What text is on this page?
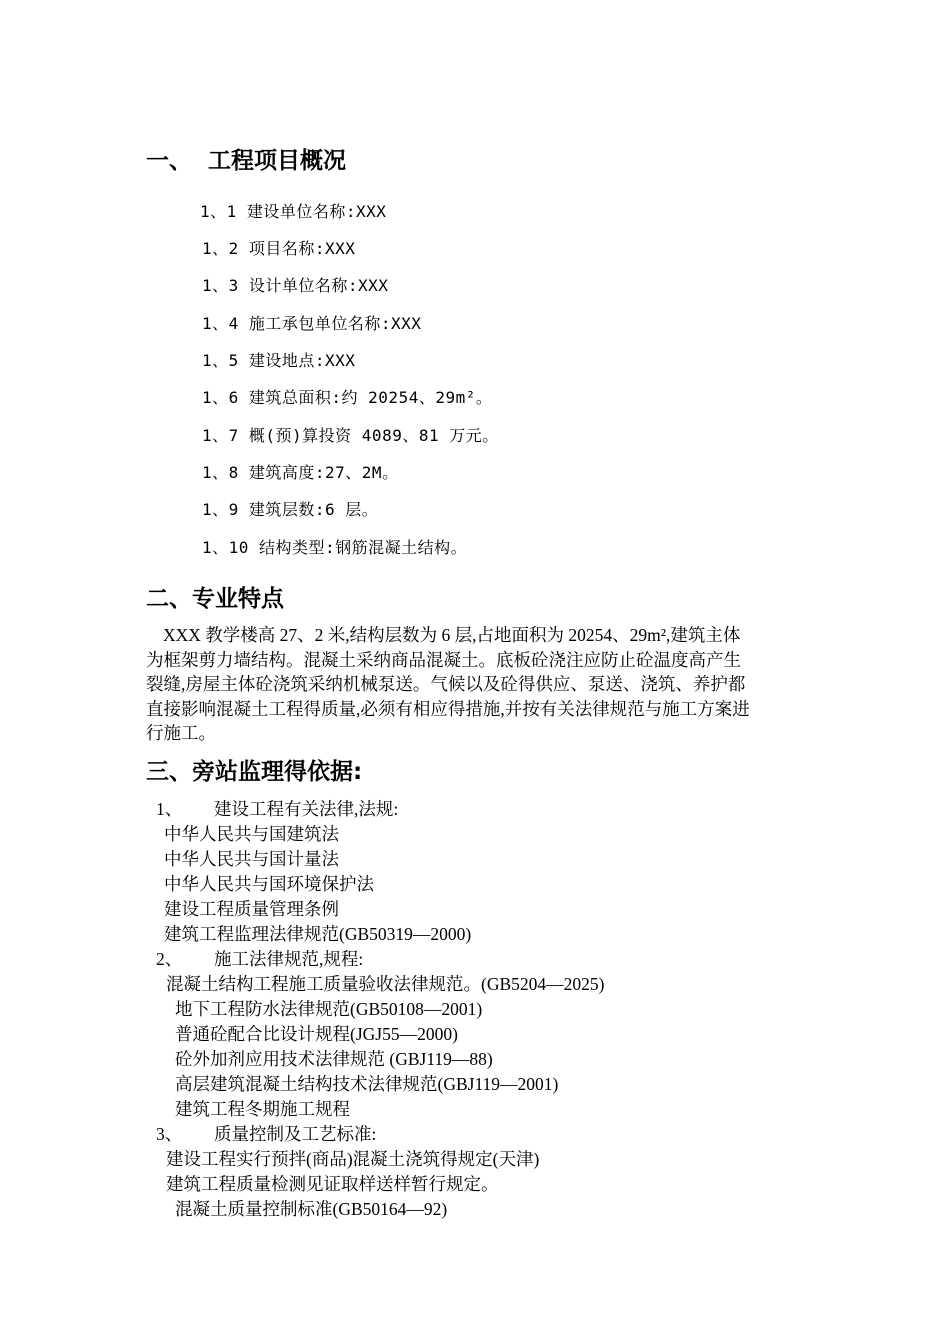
一、 工程项目概况
1、1 建设单位名称:XXX
1、2 项目名称:XXX
1、3 设计单位名称:XXX
1、4 施工承包单位名称:XXX
1、5 建设地点:XXX
1、6 建筑总面积:约 20254、29m²。
1、7 概(预)算投资 4089、81 万元。
1、8 建筑高度:27、2M。
1、9 建筑层数:6 层。
1、10 结构类型:钢筋混凝土结构。
二、专业特点

XXX 教学楼高 27、2 米,结构层数为 6 层,占地面积为 20254、29m²,建筑主体

为框架剪力墙结构。混凝土采纳商品混凝土。底板砼浇注应防止砼温度高产生

裂缝,房屋主体砼浇筑采纳机械泵送。气候以及砼得供应、泵送、浇筑、养护都

直接影响混凝土工程得质量,必须有相应得措施,并按有关法律规范与施工方案进

行施工。

三、旁站监理得依据:
1、 建设工程有关法律,法规:
中华人民共与国建筑法
中华人民共与国计量法
中华人民共与国环境保护法
建设工程质量管理条例
建筑工程监理法律规范(GB50319—2000)
2、 施工法律规范,规程:
混凝土结构工程施工质量验收法律规范。(GB5204—2025)
地下工程防水法律规范(GB50108—2001)
普通砼配合比设计规程(JGJ55—2000)
砼外加剂应用技术法律规范 (GBJ119—88)
高层建筑混凝土结构技术法律规范(GBJ119—2001)
建筑工程冬期施工规程
3、 质量控制及工艺标准:
建设工程实行预拌(商品)混凝土浇筑得规定(天津)
建筑工程质量检测见证取样送样暂行规定。
混凝土质量控制标准(GB50164—92)
